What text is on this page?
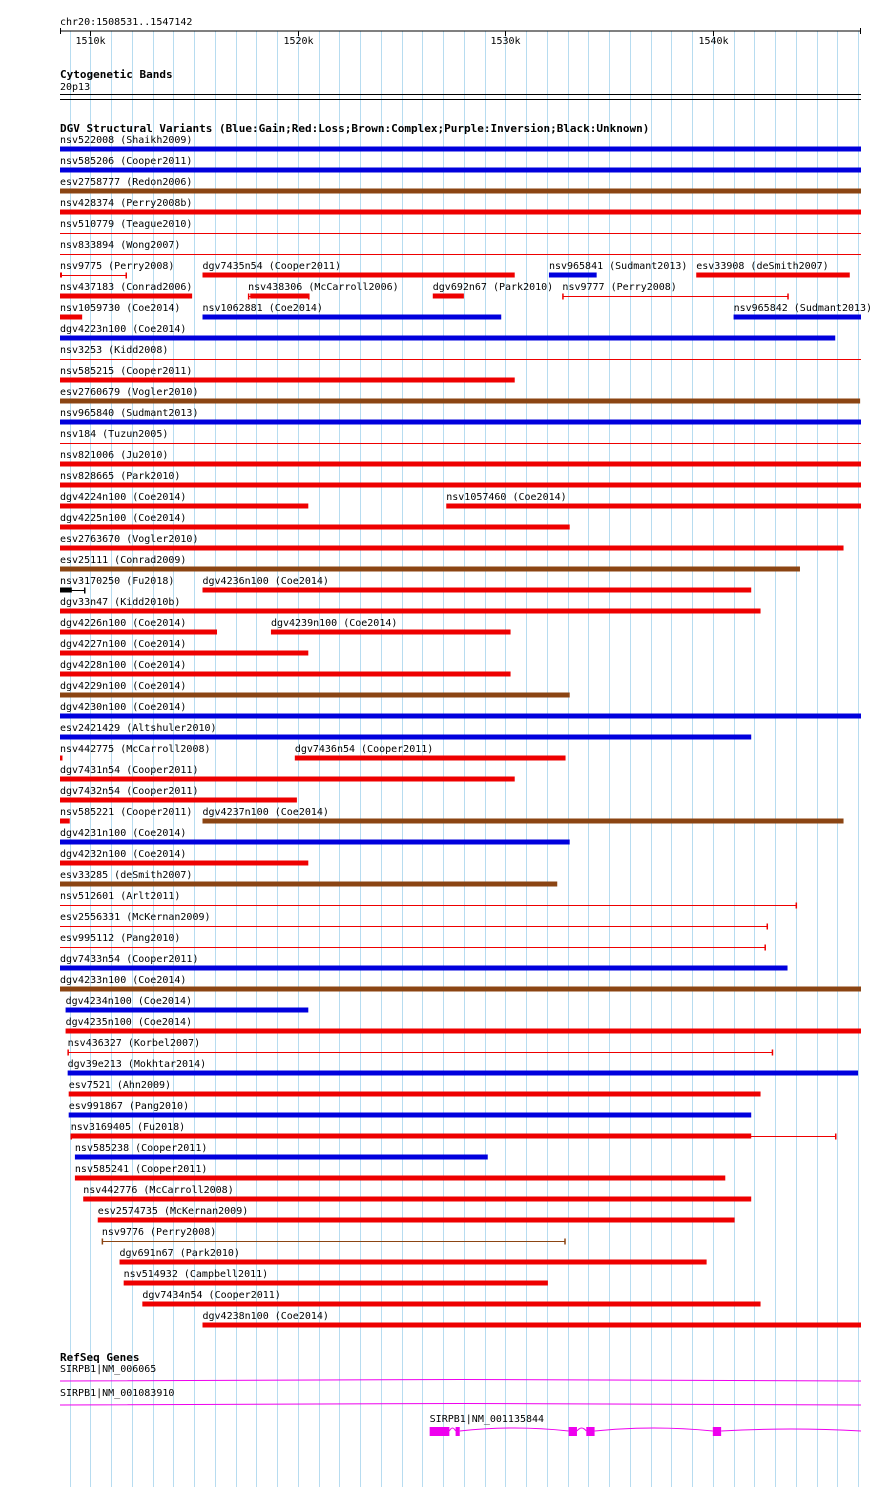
chr20:1508531..1547142
1510k	1520k	1530k	1540k
Cytogenetic Bands
20p13
DGV Structural Variants (Blue:Gain;Red:Loss;Brown:Complex;Purple:Inversion;Black:Unknown)
nsv522008 (Shaikh2009)
nsv585206 (Cooper2011)
esv2758777 (Redon2006)
nsv428374 (Perry2008b)
nsv510779 (Teague2010)
nsv833894 (Wong2007)
nsv9775 (Perry2008)	dgv7435n54 (Cooper2011)	nsv965841 (Sudmant2013) esv33908 (deSmith2007)
nsv437183 (Conrad2006)	nsv438306 (McCarroll2006)	dgv692n67 (Park2010) nsv9777 (Perry2008)
nsv1059730 (Coe2014) nsv1062881 (Coe2014)	nsv965842 (Sudmant2013)
dgv4223n100 (Coe2014)
nsv3253 (Kidd2008)
nsv585215 (Cooper2011)
esv2760679 (Vogler2010)
nsv965840 (Sudmant2013)
nsv184 (Tuzun2005)
nsv821006 (Ju2010)
nsv828665 (Park2010)
dgv4224n100 (Coe2014)	nsv1057460 (Coe2014)
dgv4225n100 (Coe2014)
esv2763670 (Vogler2010)
esv25111 (Conrad2009)
nsv3170250 (Fu2018)	dgv4236n100 (Coe2014)
dgv33n47 (Kidd2010b)
dgv4226n100 (Coe2014)	dgv4239n100 (Coe2014)
dgv4227n100 (Coe2014)
dgv4228n100 (Coe2014)
dgv4229n100 (Coe2014)
dgv4230n100 (Coe2014)
esv2421429 (Altshuler2010)
nsv442775 (McCarroll2008)	dgv7436n54 (Cooper2011)
dgv7431n54 (Cooper2011)
dgv7432n54 (Cooper2011)
nsv585221 (Cooper2011) dgv4237n100 (Coe2014)
dgv4231n100 (Coe2014)
dgv4232n100 (Coe2014)
esv33285 (deSmith2007)
nsv512601 (Arlt2011)
esv2556331 (McKernan2009)
esv995112 (Pang2010)
dgv7433n54 (Cooper2011)
dgv4233n100 (Coe2014)
dgv4234n100 (Coe2014)
dgv4235n100 (Coe2014)
nsv436327 (Korbel2007)
dgv39e213 (Mokhtar2014)
esv7521 (Ahn2009)
esv991867 (Pang2010)
nsv3169405 (Fu2018)
nsv585238 (Cooper2011)
nsv585241 (Cooper2011)
nsv442776 (McCarroll2008)
esv2574735 (McKernan2009)
nsv9776 (Perry2008)
dgv691n67 (Park2010)
nsv514932 (Campbell2011)
dgv7434n54 (Cooper2011)
dgv4238n100 (Coe2014)
RefSeq Genes
SIRPB1|NM_006065
SIRPB1|NM_001083910
SIRPB1|NM_001135844
